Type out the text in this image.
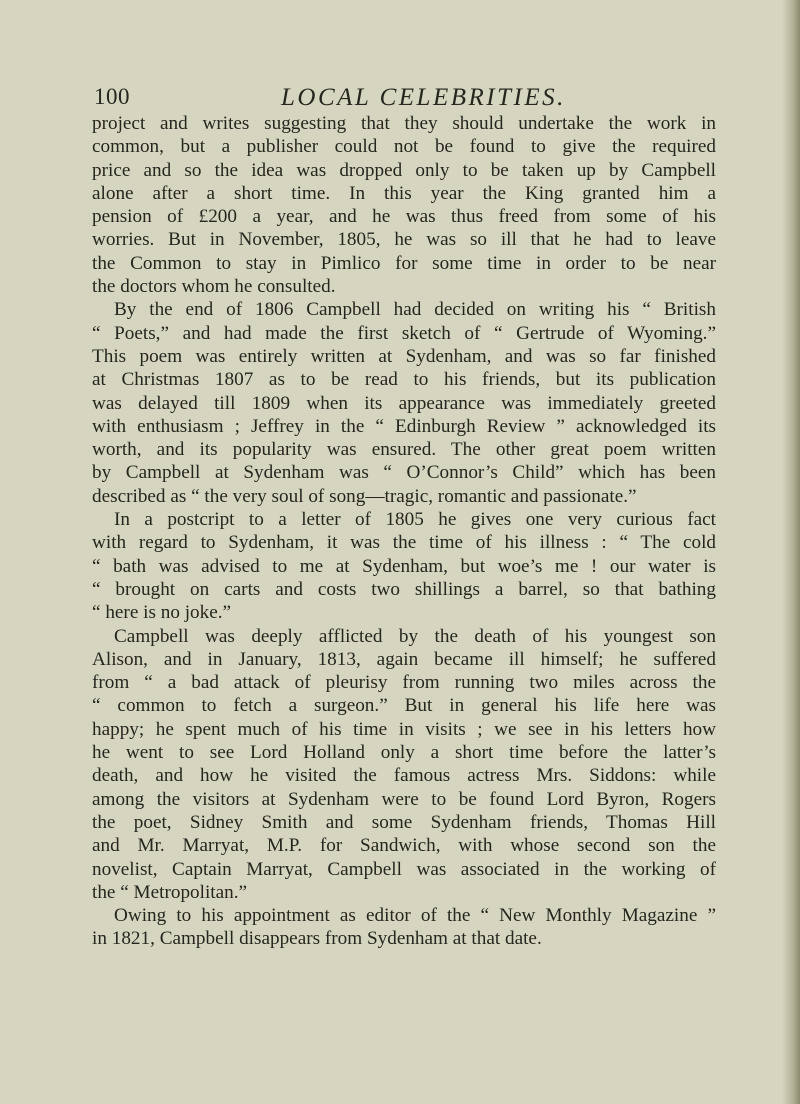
100	LOCAL CELEBRITIES.
project and writes suggesting that they should undertake the work in
common, but a publisher could not be found to give the required
price and so the idea was dropped only to be taken up by Campbell
alone after a short time. In this year the King granted him a
pension of £200 a year, and he was thus freed from some of his
worries. But in November, 1805, he was so ill that he had to leave
the Common to stay in Pimlico for some time in order to be near
the doctors whom he consulted.
By the end of 1806 Campbell had decided on writing his “ British
“ Poets,” and had made the first sketch of “ Gertrude of Wyoming.”
This poem was entirely written at Sydenham, and was so far finished
at Christmas 1807 as to be read to his friends, but its publication
was delayed till 1809 when its appearance was immediately greeted
with enthusiasm ; Jeffrey in the “ Edinburgh Review ” acknowledged its
worth, and its popularity was ensured. The other great poem written
by Campbell at Sydenham was “ O’Connor’s Child” which has been
described as “ the very soul of song—tragic, romantic and passionate.”
In a postcript to a letter of 1805 he gives one very curious fact
with regard to Sydenham, it was the time of his illness : “ The cold
“ bath was advised to me at Sydenham, but woe’s me ! our water is
“ brought on carts and costs two shillings a barrel, so that bathing
“ here is no joke.”
Campbell was deeply afflicted by the death of his youngest son
Alison, and in January, 1813, again became ill himself; he suffered
from “ a bad attack of pleurisy from running two miles across the
“ common to fetch a surgeon.” But in general his life here was
happy; he spent much of his time in visits ; we see in his letters how
he went to see Lord Holland only a short time before the latter’s
death, and how he visited the famous actress Mrs. Siddons: while
among the visitors at Sydenham were to be found Lord Byron, Rogers
the poet, Sidney Smith and some Sydenham friends, Thomas Hill
and Mr. Marryat, M.P. for Sandwich, with whose second son the
novelist, Captain Marryat, Campbell was associated in the working of
the “ Metropolitan.”
Owing to his appointment as editor of the “ New Monthly Magazine ”
in 1821, Campbell disappears from Sydenham at that date.
